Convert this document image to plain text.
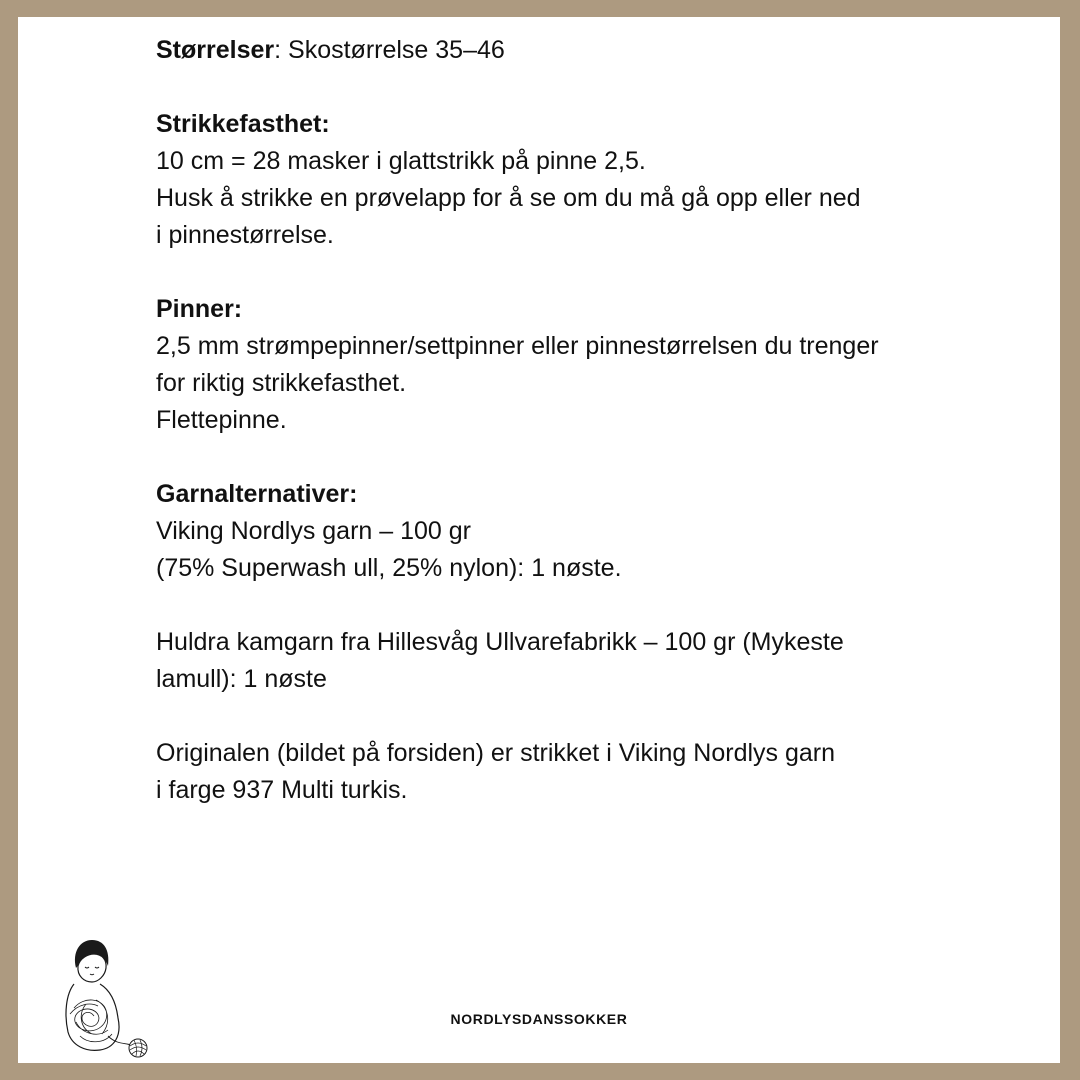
Størrelser: Skostørrelse 35–46
Strikkefasthet:
10 cm = 28 masker i glattstrikk på pinne 2,5.
Husk å strikke en prøvelapp for å se om du må gå opp eller ned
i pinnestørrelse.
Pinner:
2,5 mm strømpepinner/settpinner eller pinnestørrelsen du trenger
for riktig strikkefasthet.
Flettepinne.
Garnalternativer:
Viking Nordlys garn – 100 gr
(75% Superwash ull, 25% nylon): 1 nøste.
Huldra kamgarn fra Hillesvåg Ullvarefabrikk – 100 gr (Mykeste
lamull): 1 nøste
Originalen (bildet på forsiden) er strikket i Viking Nordlys garn
i farge 937 Multi turkis.
NORDLYSDANSSOKKER
